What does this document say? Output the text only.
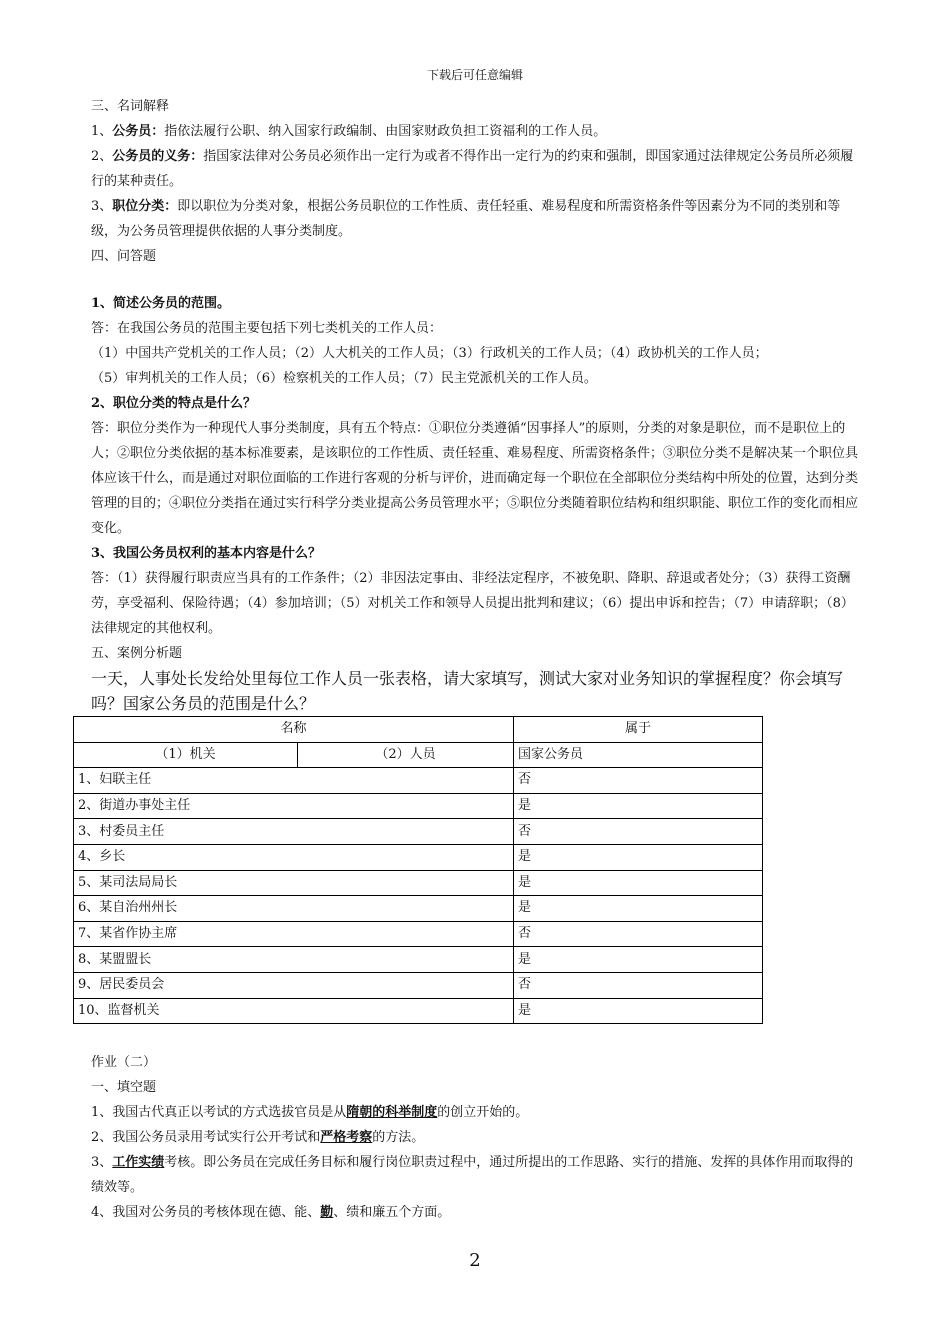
下载后可任意编辑

三、名词解释

1、公务员：指依法履行公职、纳入国家行政编制、由国家财政负担工资福利的工作人员。

2、公务员的义务：指国家法律对公务员必须作出一定行为或者不得作出一定行为的约束和强制，即国家通过法律规定公务员所必须履行的某种责任。

3、职位分类：即以职位为分类对象，根据公务员职位的工作性质、责任轻重、难易程度和所需资格条件等因素分为不同的类别和等级，为公务员管理提供依据的人事分类制度。

四、问答题

1、简述公务员的范围。

答：在我国公务员的范围主要包括下列七类机关的工作人员：

（1）中国共产党机关的工作人员；（2）人大机关的工作人员；（3）行政机关的工作人员；（4）政协机关的工作人员；

（5）审判机关的工作人员；（6）检察机关的工作人员；（7）民主党派机关的工作人员。

2、职位分类的特点是什么？

答：职位分类作为一种现代人事分类制度，具有五个特点：①职位分类遵循“因事择人”的原则，分类的对象是职位，而不是职位上的人；②职位分类依据的基本标准要素，是该职位的工作性质、责任轻重、难易程度、所需资格条件；③职位分类不是解决某一个职位具体应该干什么，而是通过对职位面临的工作进行客观的分析与评价，进而确定每一个职位在全部职位分类结构中所处的位置，达到分类管理的目的；④职位分类指在通过实行科学分类业提高公务员管理水平；⑤职位分类随着职位结构和组织职能、职位工作的变化而相应变化。

3、我国公务员权利的基本内容是什么？

答：（1）获得履行职责应当具有的工作条件；（2）非因法定事由、非经法定程序，不被免职、降职、辞退或者处分；（3）获得工资酬劳，享受福利、保险待遇；（4）参加培训；（5）对机关工作和领导人员提出批判和建议；（6）提出申诉和控告；（7）申请辞职；（8）法律规定的其他权利。

五、案例分析题

一天，人事处长发给处里每位工作人员一张表格，请大家填写，测试大家对业务知识的掌握程度？你会填写吗？国家公务员的范围是什么？

名称		属于
（1）机关	（2）人员	国家公务员
1、妇联主任		否
2、街道办事处主任		是
3、村委员主任		否
4、乡长		是
5、某司法局局长		是
6、某自治州州长		是
7、某省作协主席		否
8、某盟盟长		是
9、居民委员会		否
10、监督机关		是

作业（二）

一、填空题

1、我国古代真正以考试的方式选拔官员是从隋朝的科举制度的创立开始的。

2、我国公务员录用考试实行公开考试和严格考察的方法。

3、工作实绩考核。即公务员在完成任务目标和履行岗位职责过程中，通过所提出的工作思路、实行的措施、发挥的具体作用而取得的绩效等。

4、我国对公务员的考核体现在德、能、勤、绩和廉五个方面。

2
